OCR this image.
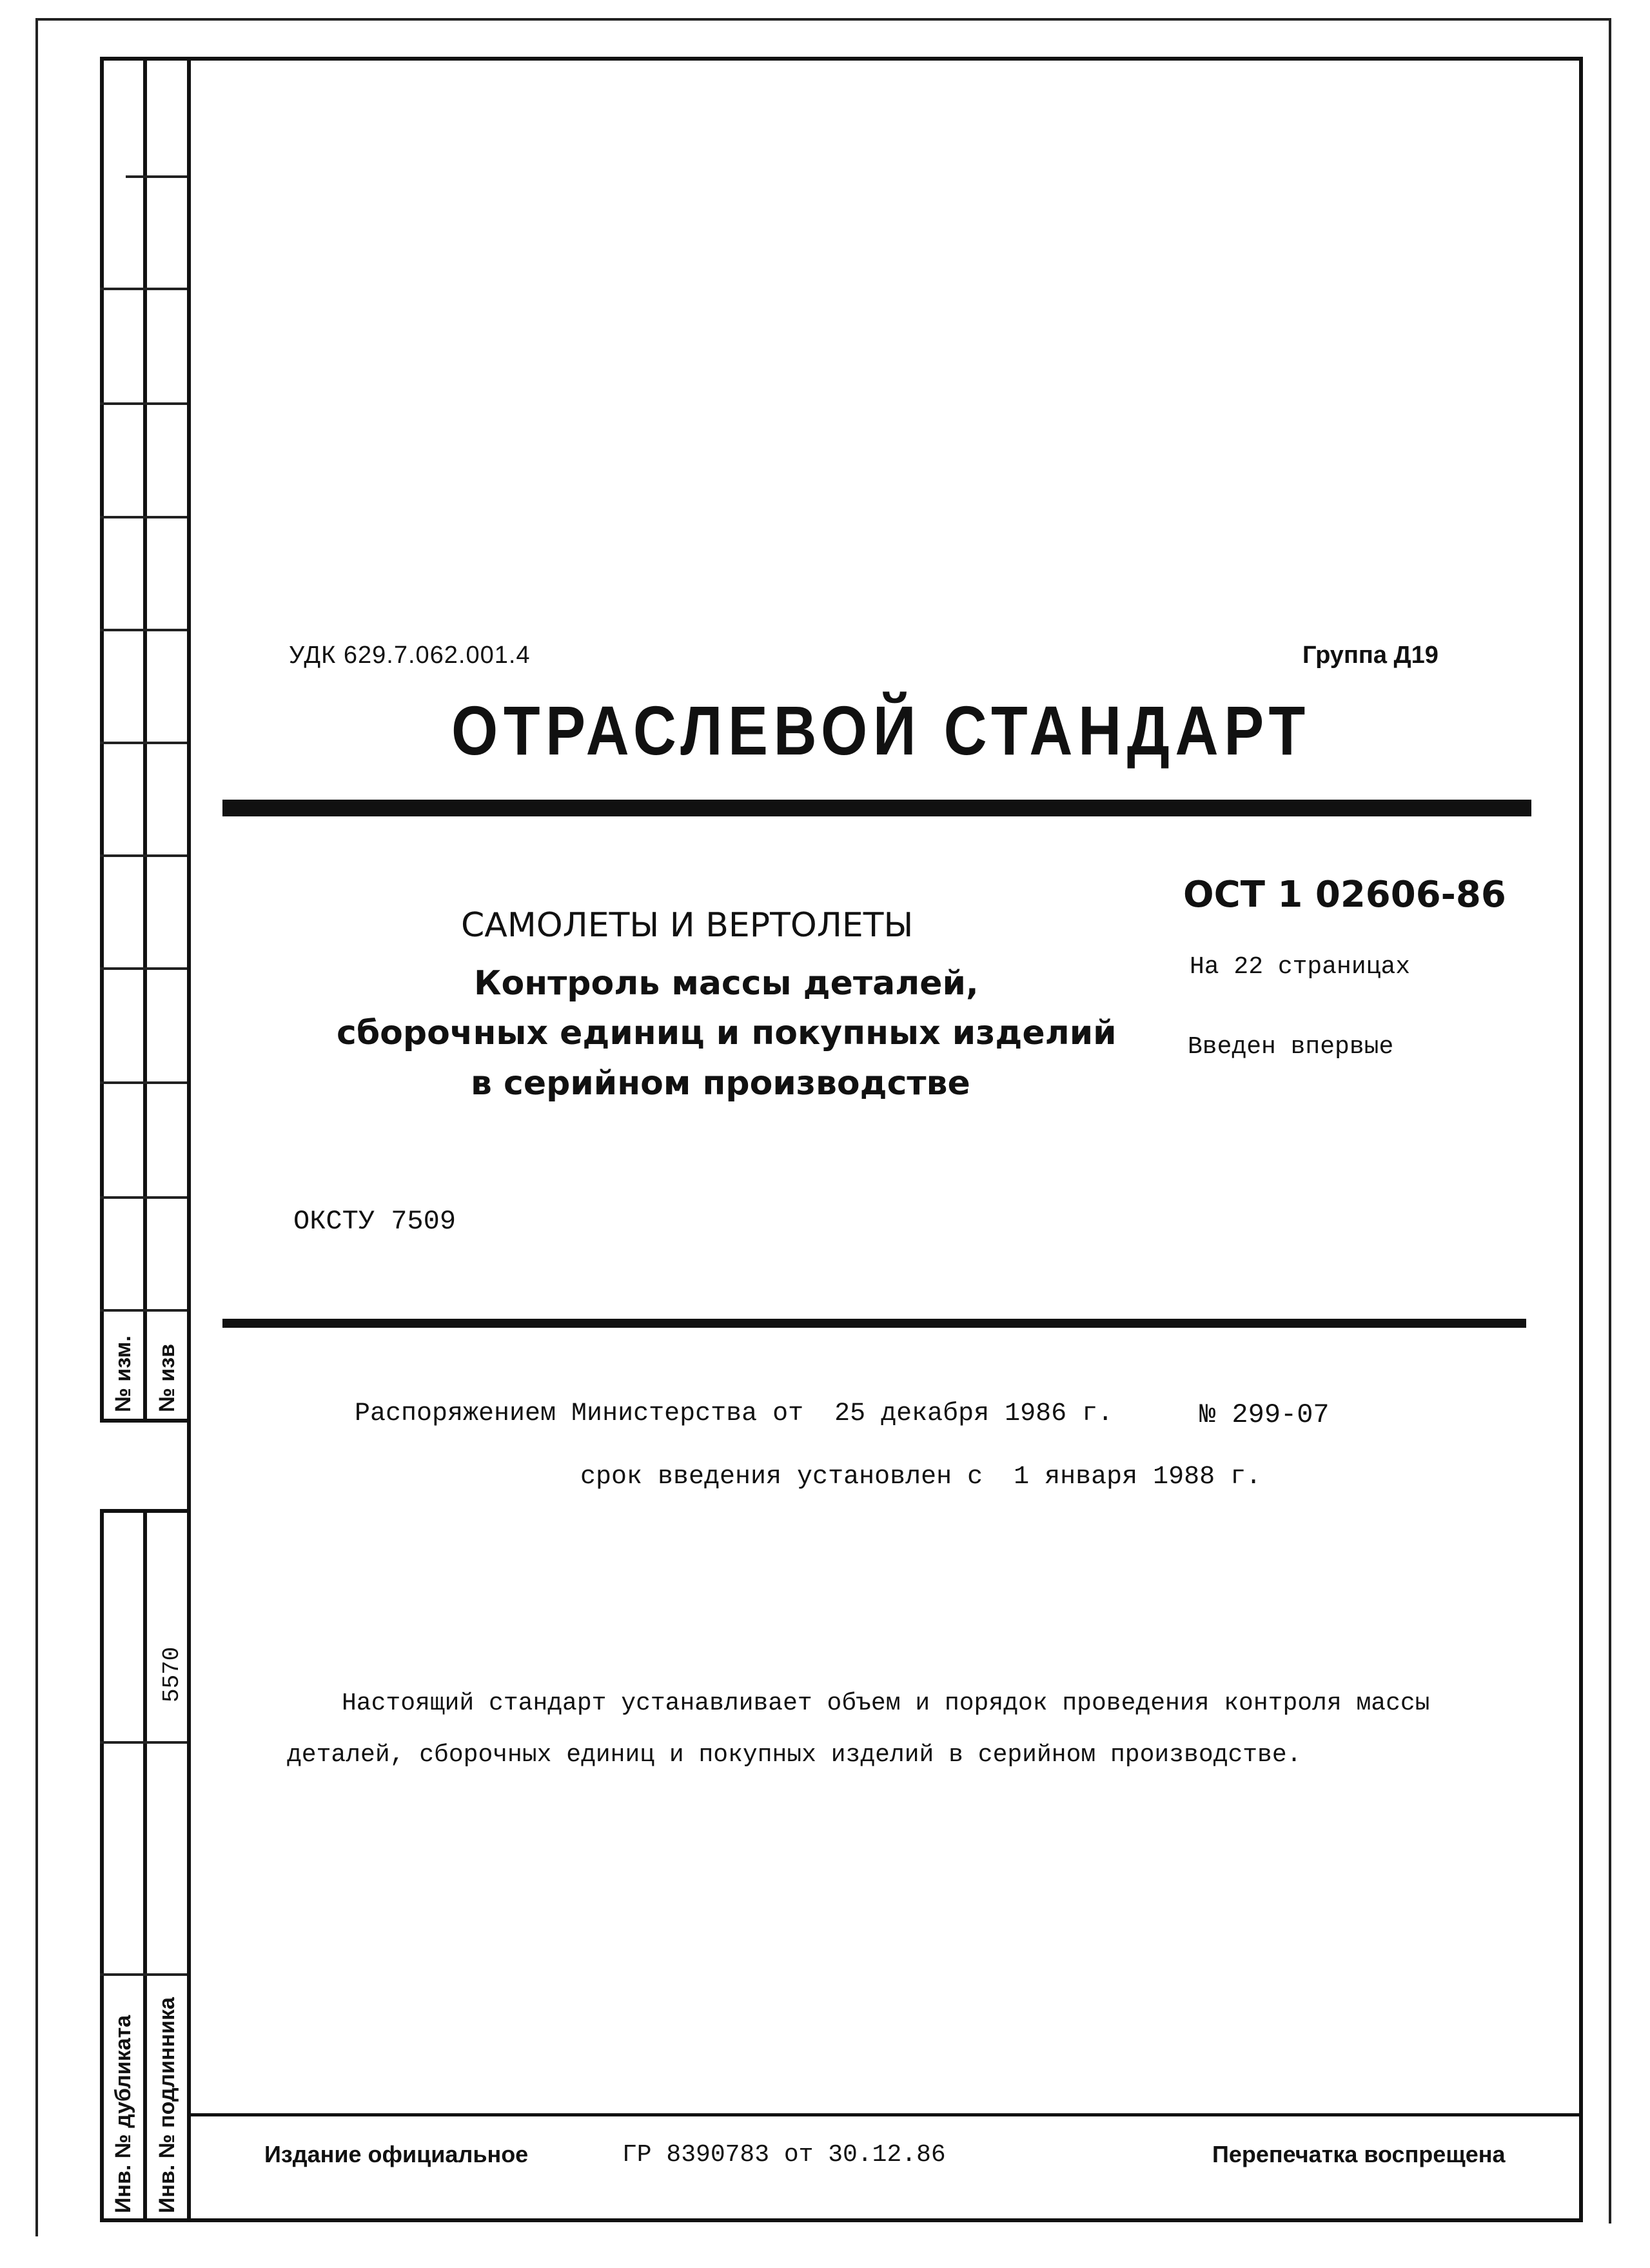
№ изм. № изв
5570
Инв. № дубликата Инв. № подлинника
УДК 629.7.062.001.4	Группа Д19
ОТРАСЛЕВОЙ СТАНДАРТ
САМОЛЕТЫ И ВЕРТОЛЕТЫ
Контроль массы деталей,
сборочных единиц и покупных изделий
в серийном производстве
ОСТ 1 02606-86
На 22 страницах
Введен впервые
ОКСТУ 7509
Распоряжением Министерства от  25 декабря 1986 г.	№ 299-07
срок введения установлен с  1 января 1988 г.
Настоящий стандарт устанавливает объем и порядок проведения контроля массы
деталей, сборочных единиц и покупных изделий в серийном производстве.
Издание официальное	ГР 8390783 от 30.12.86	Перепечатка воспрещена
